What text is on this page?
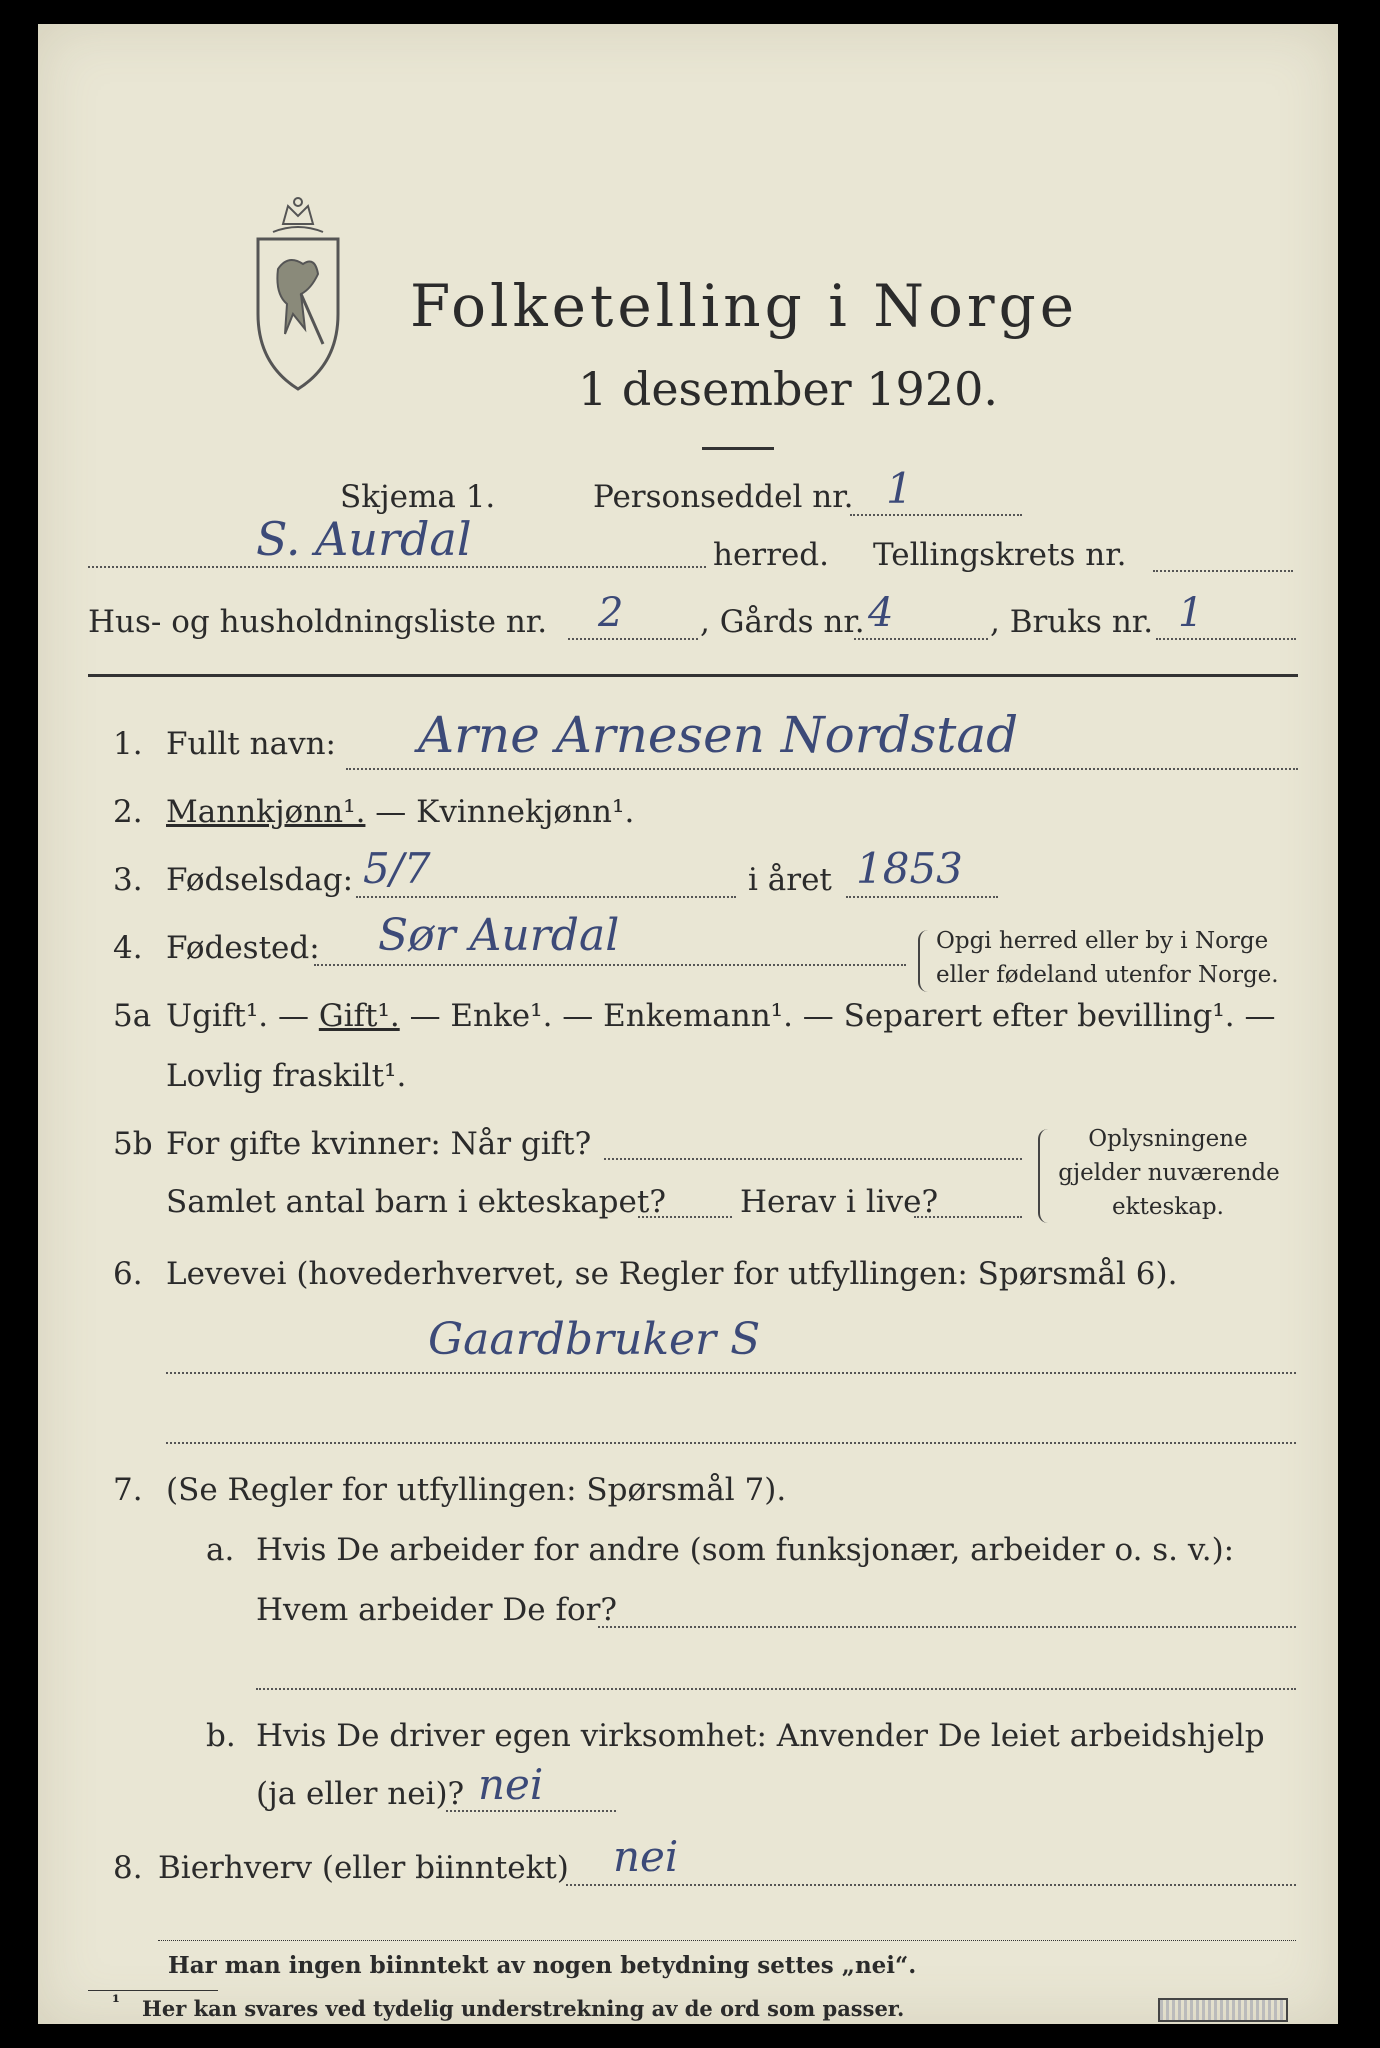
Folketelling i Norge
1 desember 1920.
Skjema 1.	Personseddel nr. 1
S. Aurdal	herred. Tellingskrets nr.
Hus- og husholdningsliste nr. 2 , Gårds nr. 4	, Bruks nr. 1
1. Fullt navn: Arne Arnesen Nordstad
2. Mannkjønn¹. — Kvinnekjønn¹.
3. Fødselsdag: 5/7	i året 1853
4. Fødested: Sør Aurdal	Opgi herred eller by i Norge
eller fødeland utenfor Norge.
5a Ugift¹. — Gift¹. — Enke¹. — Enkemann¹. — Separert efter bevilling¹. —
Lovlig fraskilt¹.
5b For gifte kvinner: Når gift?
Samlet antal barn i ekteskapet? Herav i live?
Oplysningene
gjelder nuværende
ekteskap.
6. Levevei (hovederhvervet, se Regler for utfyllingen: Spørsmål 6).
Gaardbruker S
7. (Se Regler for utfyllingen: Spørsmål 7).
a. Hvis De arbeider for andre (som funksjonær, arbeider o. s. v.):
Hvem arbeider De for?
b. Hvis De driver egen virksomhet: Anvender De leiet arbeidshjelp
(ja eller nei)? nei
8. Bierhverv (eller biinntekt) nei
Har man ingen biinntekt av nogen betydning settes „nei“.
¹ Her kan svares ved tydelig understrekning av de ord som passer.
